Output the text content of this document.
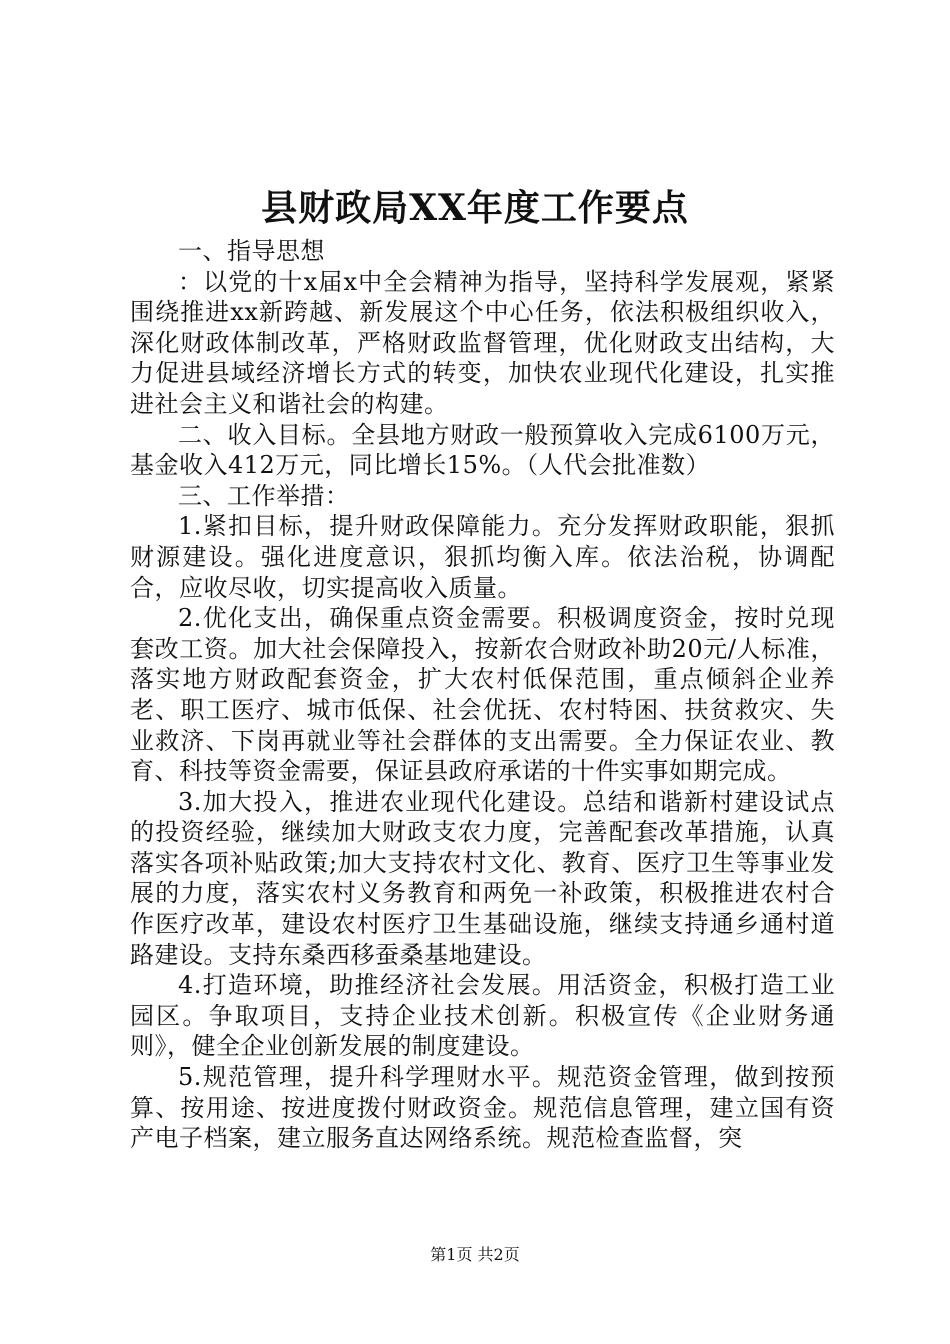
县财政局XX年度工作要点

一、指导思想

：以党的十x届x中全会精神为指导，坚持科学发展观，紧紧围绕推进xx新跨越、新发展这个中心任务，依法积极组织收入，深化财政体制改革，严格财政监督管理，优化财政支出结构，大力促进县域经济增长方式的转变，加快农业现代化建设，扎实推进社会主义和谐社会的构建。

二、收入目标。全县地方财政一般预算收入完成6100万元，基金收入412万元，同比增长15%。（人代会批准数）

三、工作举措：

1.紧扣目标，提升财政保障能力。充分发挥财政职能，狠抓财源建设。强化进度意识，狠抓均衡入库。依法治税，协调配合，应收尽收，切实提高收入质量。

2.优化支出，确保重点资金需要。积极调度资金，按时兑现套改工资。加大社会保障投入，按新农合财政补助20元/人标准，落实地方财政配套资金，扩大农村低保范围，重点倾斜企业养老、职工医疗、城市低保、社会优抚、农村特困、扶贫救灾、失业救济、下岗再就业等社会群体的支出需要。全力保证农业、教育、科技等资金需要，保证县政府承诺的十件实事如期完成。

3.加大投入，推进农业现代化建设。总结和谐新村建设试点的投资经验，继续加大财政支农力度，完善配套改革措施，认真落实各项补贴政策;加大支持农村文化、教育、医疗卫生等事业发展的力度，落实农村义务教育和两免一补政策，积极推进农村合作医疗改革，建设农村医疗卫生基础设施，继续支持通乡通村道路建设。支持东桑西移蚕桑基地建设。

4.打造环境，助推经济社会发展。用活资金，积极打造工业园区。争取项目，支持企业技术创新。积极宣传《企业财务通则》，健全企业创新发展的制度建设。

5.规范管理，提升科学理财水平。规范资金管理，做到按预算、按用途、按进度拨付财政资金。规范信息管理，建立国有资产电子档案，建立服务直达网络系统。规范检查监督，突

第1页 共2页
